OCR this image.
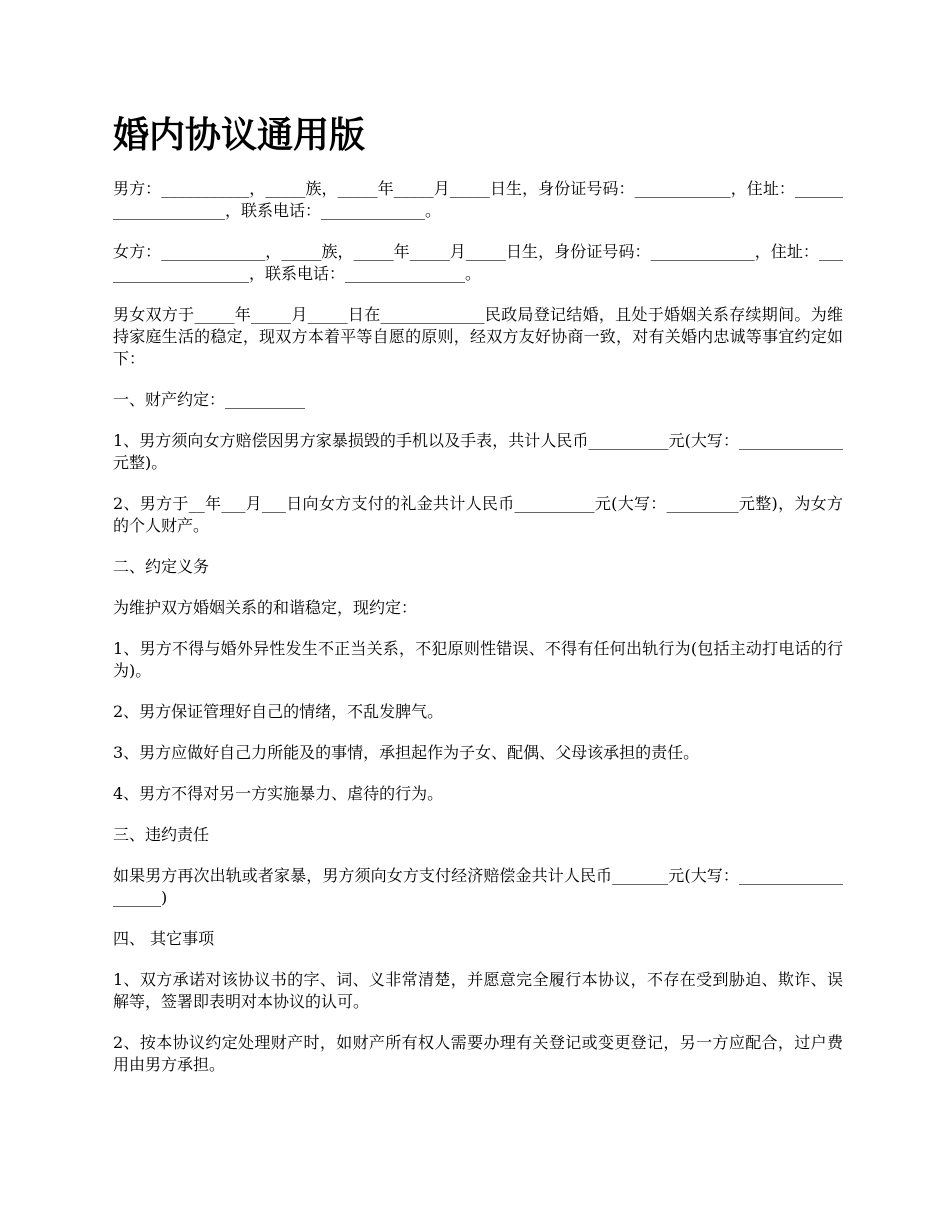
婚内协议通用版

男方：___________，_____族，_____年_____月_____日生，身份证号码：____________，住址：____________________，联系电话：_____________。

女方：_____________，_____族，_____年_____月_____日生，身份证号码：_____________，住址：____________________，联系电话：_______________。

男女双方于_____年_____月_____日在_____________民政局登记结婚，且处于婚姻关系存续期间。为维持家庭生活的稳定，现双方本着平等自愿的原则，经双方友好协商一致，对有关婚内忠诚等事宜约定如下：

一、财产约定：__________

1、男方须向女方赔偿因男方家暴损毁的手机以及手表，共计人民币__________元(大写：_____________元整)。

2、男方于__年___月___日向女方支付的礼金共计人民币__________元(大写：_________元整)，为女方的个人财产。

二、约定义务

为维护双方婚姻关系的和谐稳定，现约定：

1、男方不得与婚外异性发生不正当关系，不犯原则性错误、不得有任何出轨行为(包括主动打电话的行为)。

2、男方保证管理好自己的情绪，不乱发脾气。

3、男方应做好自己力所能及的事情，承担起作为子女、配偶、父母该承担的责任。

4、男方不得对另一方实施暴力、虐待的行为。

三、违约责任

如果男方再次出轨或者家暴，男方须向女方支付经济赔偿金共计人民币_______元(大写：___________________)

四、 其它事项

1、双方承诺对该协议书的字、词、义非常清楚，并愿意完全履行本协议，不存在受到胁迫、欺诈、误解等，签署即表明对本协议的认可。

2、按本协议约定处理财产时，如财产所有权人需要办理有关登记或变更登记，另一方应配合，过户费用由男方承担。
